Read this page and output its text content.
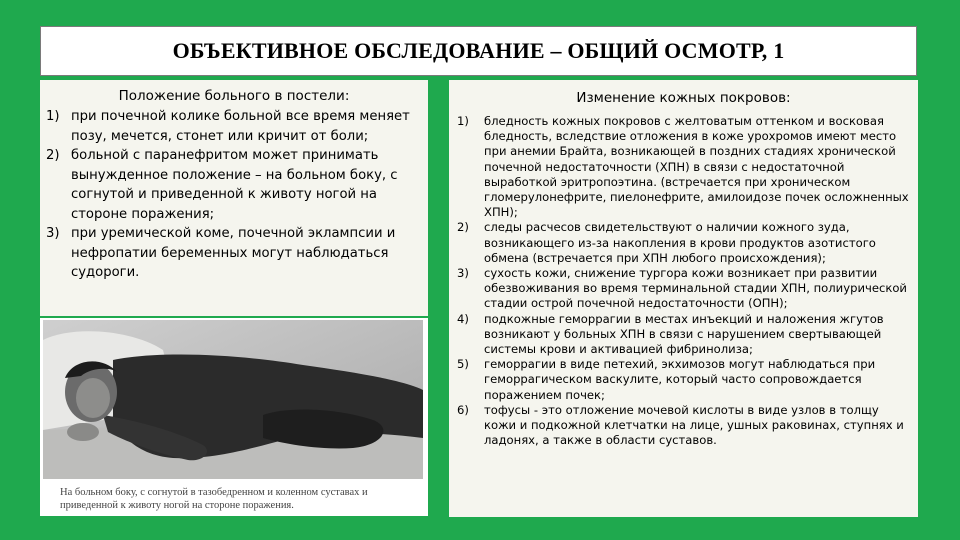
ОБЪЕКТИВНОЕ ОБСЛЕДОВАНИЕ – ОБЩИЙ ОСМОТР, 1

Положение больного в постели:

1) при почечной колике больной все время меняет позу, мечется, стонет или кричит от боли;
2) больной с паранефритом может принимать вынужденное положение – на больном боку, с согнутой и приведенной к животу ногой на стороне поражения;
3) при уремической коме, почечной эклампсии и нефропатии беременных могут наблюдаться судороги.
На больном боку, с согнутой в тазобедренном и коленном суставах и приведенной к животу ногой на стороне поражения.

Изменение кожных покровов:

1) бледность кожных покровов с желтоватым оттенком и восковая бледность, вследствие отложения в коже урохромов имеют место при анемии Брайта, возникающей в поздних стадиях хронической почечной недостаточности (ХПН) в связи с недостаточной выработкой эритропоэтина. (встречается при хроническом гломерулонефрите, пиелонефрите, амилоидозе почек осложненных ХПН);
2) следы расчесов свидетельствуют о наличии кожного зуда, возникающего из-за накопления в крови продуктов азотистого обмена (встречается при ХПН любого происхождения);
3) сухость кожи, снижение тургора кожи возникает при развитии обезвоживания во время терминальной стадии ХПН, полиурической стадии острой почечной недостаточности (ОПН);
4) подкожные геморрагии в местах инъекций и наложения жгутов возникают у больных ХПН в связи с нарушением свертывающей системы крови и активацией фибринолиза;
5) геморрагии в виде петехий, экхимозов могут наблюдаться при геморрагическом васкулите, который часто сопровождается поражением почек;
6) тофусы - это отложение мочевой кислоты в виде узлов в толщу кожи и подкожной клетчатки на лице, ушных раковинах, ступнях и ладонях, а также в области суставов.
